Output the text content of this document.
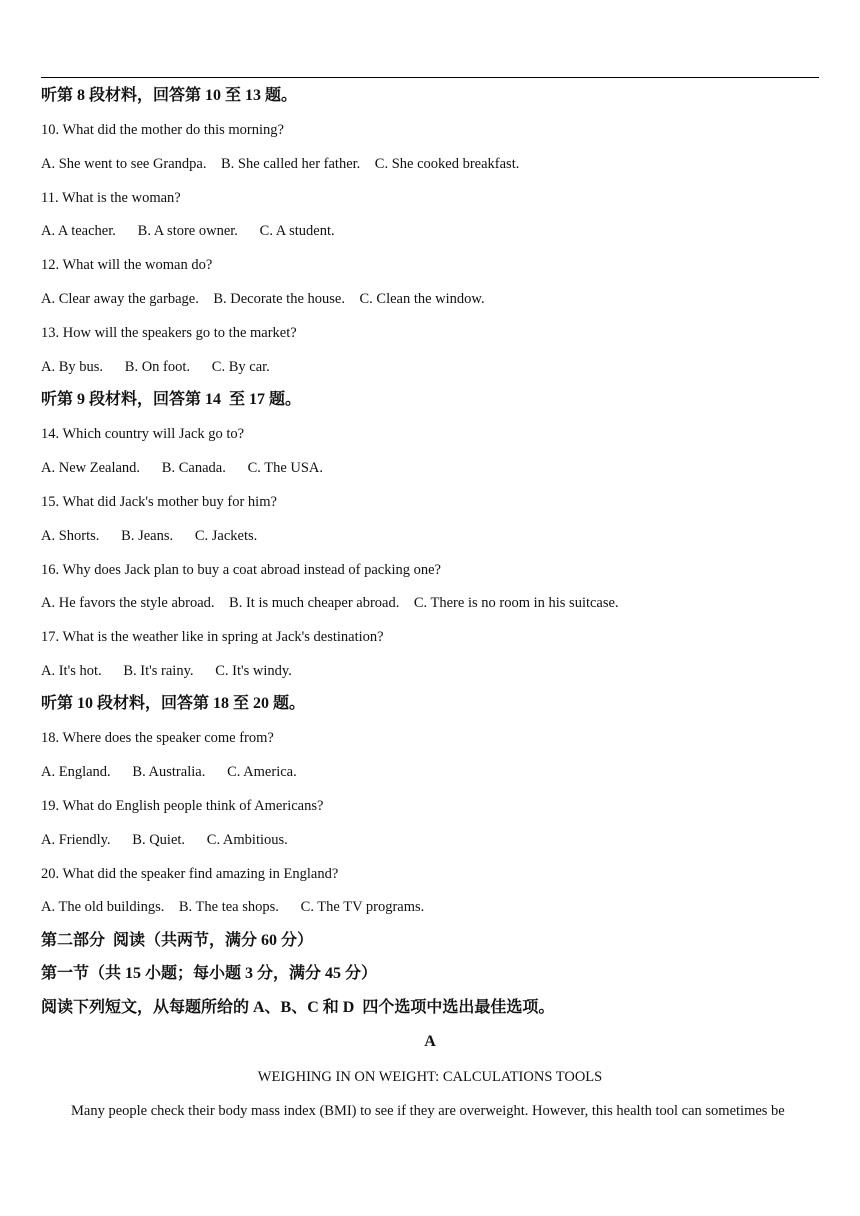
听第 8 段材料，回答第 10 至 13 题。
10. What did the mother do this morning?
A. She went to see Grandpa.    B. She called her father.    C. She cooked breakfast.
11. What is the woman?
A. A teacher.      B. A store owner.      C. A student.
12. What will the woman do?
A. Clear away the garbage.    B. Decorate the house.    C. Clean the window.
13. How will the speakers go to the market?
A. By bus.      B. On foot.      C. By car.
听第 9 段材料，回答第 14  至 17 题。
14. Which country will Jack go to?
A. New Zealand.      B. Canada.      C. The USA.
15. What did Jack's mother buy for him?
A. Shorts.      B. Jeans.      C. Jackets.
16. Why does Jack plan to buy a coat abroad instead of packing one?
A. He favors the style abroad.    B. It is much cheaper abroad.    C. There is no room in his suitcase.
17. What is the weather like in spring at Jack's destination?
A. It's hot.      B. It's rainy.      C. It's windy.
听第 10 段材料，回答第 18 至 20 题。
18. Where does the speaker come from?
A. England.      B. Australia.      C. America.
19. What do English people think of Americans?
A. Friendly.      B. Quiet.      C. Ambitious.
20. What did the speaker find amazing in England?
A. The old buildings.    B. The tea shops.      C. The TV programs.
第二部分  阅读（共两节，满分 60 分）
第一节（共 15 小题；每小题 3 分，满分 45 分）
阅读下列短文，从每题所给的 A、B、C 和 D  四个选项中选出最佳选项。
A
WEIGHING IN ON WEIGHT: CALCULATIONS TOOLS
Many people check their body mass index (BMI) to see if they are overweight. However, this health tool can sometimes be
